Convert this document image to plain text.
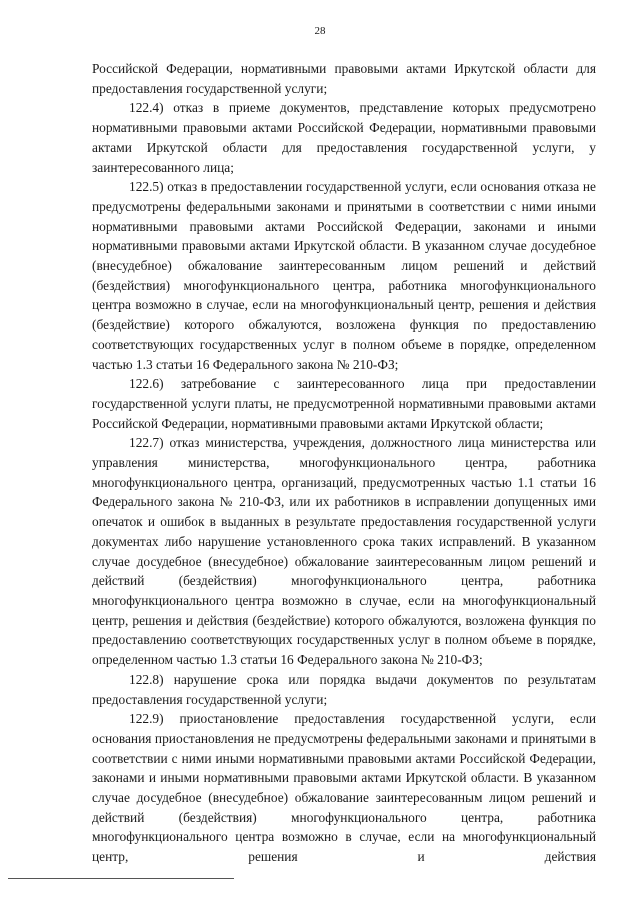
28

Российской Федерации, нормативными правовыми актами Иркутской области для предоставления государственной услуги;

122.4) отказ в приеме документов, представление которых предусмотрено нормативными правовыми актами Российской Федерации, нормативными правовыми актами Иркутской области для предоставления государственной услуги, у заинтересованного лица;

122.5) отказ в предоставлении государственной услуги, если основания отказа не предусмотрены федеральными законами и принятыми в соответствии с ними иными нормативными правовыми актами Российской Федерации, законами и иными нормативными правовыми актами Иркутской области. В указанном случае досудебное (внесудебное) обжалование заинтересованным лицом решений и действий (бездействия) многофункционального центра, работника многофункционального центра возможно в случае, если на многофункциональный центр, решения и действия (бездействие) которого обжалуются, возложена функция по предоставлению соответствующих государственных услуг в полном объеме в порядке, определенном частью 1.3 статьи 16 Федерального закона № 210-ФЗ;

122.6) затребование с заинтересованного лица при предоставлении государственной услуги платы, не предусмотренной нормативными правовыми актами Российской Федерации, нормативными правовыми актами Иркутской области;

122.7) отказ министерства, учреждения, должностного лица министерства или управления министерства, многофункционального центра, работника многофункционального центра, организаций, предусмотренных частью 1.1 статьи 16 Федерального закона № 210-ФЗ, или их работников в исправлении допущенных ими опечаток и ошибок в выданных в результате предоставления государственной услуги документах либо нарушение установленного срока таких исправлений. В указанном случае досудебное (внесудебное) обжалование заинтересованным лицом решений и действий (бездействия) многофункционального центра, работника многофункционального центра возможно в случае, если на многофункциональный центр, решения и действия (бездействие) которого обжалуются, возложена функция по предоставлению соответствующих государственных услуг в полном объеме в порядке, определенном частью 1.3 статьи 16 Федерального закона № 210-ФЗ;

122.8) нарушение срока или порядка выдачи документов по результатам предоставления государственной услуги;

122.9) приостановление предоставления государственной услуги, если основания приостановления не предусмотрены федеральными законами и принятыми в соответствии с ними иными нормативными правовыми актами Российской Федерации, законами и иными нормативными правовыми актами Иркутской области. В указанном случае досудебное (внесудебное) обжалование заинтересованным лицом решений и действий (бездействия) многофункционального центра, работника многофункционального центра возможно в случае, если на многофункциональный центр, решения и действия
